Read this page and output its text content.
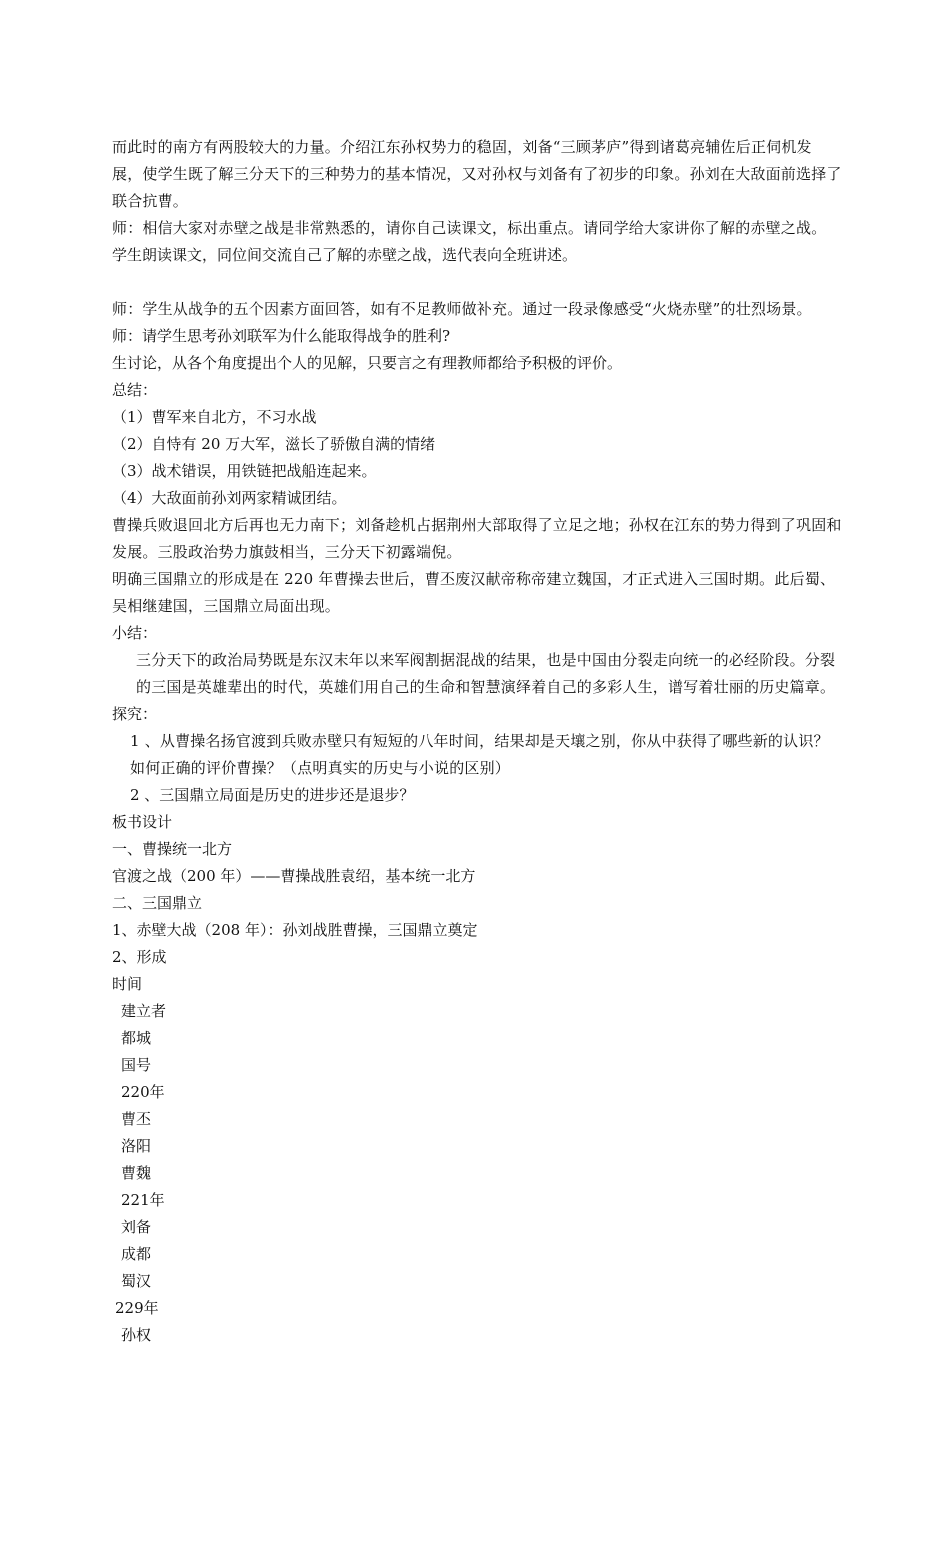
而此时的南方有两股较大的力量。介绍江东孙权势力的稳固，刘备“三顾茅庐”得到诸葛亮辅佐后正伺机发展，使学生既了解三分天下的三种势力的基本情况，又对孙权与刘备有了初步的印象。孙刘在大敌面前选择了联合抗曹。
师：相信大家对赤壁之战是非常熟悉的，请你自己读课文，标出重点。请同学给大家讲你了解的赤壁之战。
学生朗读课文，同位间交流自己了解的赤壁之战，选代表向全班讲述。
师：学生从战争的五个因素方面回答，如有不足教师做补充。通过一段录像感受“火烧赤壁”的壮烈场景。
师：请学生思考孙刘联军为什么能取得战争的胜利?
生讨论，从各个角度提出个人的见解，只要言之有理教师都给予积极的评价。
总结：
（1）曹军来自北方，不习水战
（2）自恃有 20 万大军，滋长了骄傲自满的情绪
（3）战术错误，用铁链把战船连起来。
（4）大敌面前孙刘两家精诚团结。
曹操兵败退回北方后再也无力南下；刘备趁机占据荆州大部取得了立足之地；孙权在江东的势力得到了巩固和发展。三股政治势力旗鼓相当，三分天下初露端倪。
明确三国鼎立的形成是在 220 年曹操去世后，曹丕废汉献帝称帝建立魏国，才正式进入三国时期。此后蜀、吴相继建国，三国鼎立局面出现。
小结：
三分天下的政治局势既是东汉末年以来军阀割据混战的结果，也是中国由分裂走向统一的必经阶段。分裂的三国是英雄辈出的时代，英雄们用自己的生命和智慧演绎着自己的多彩人生，谱写着壮丽的历史篇章。
探究：
1 、从曹操名扬官渡到兵败赤壁只有短短的八年时间，结果却是天壤之别，你从中获得了哪些新的认识？如何正确的评价曹操？（点明真实的历史与小说的区别）
2 、三国鼎立局面是历史的进步还是退步？
板书设计
一、曹操统一北方
官渡之战（200 年）——曹操战胜袁绍，基本统一北方
二、三国鼎立
1、赤壁大战（208 年）：孙刘战胜曹操，三国鼎立奠定
2、形成
时间
建立者
都城
国号
220年
曹丕
洛阳
曹魏
221年
刘备
成都
蜀汉
229年
孙权
